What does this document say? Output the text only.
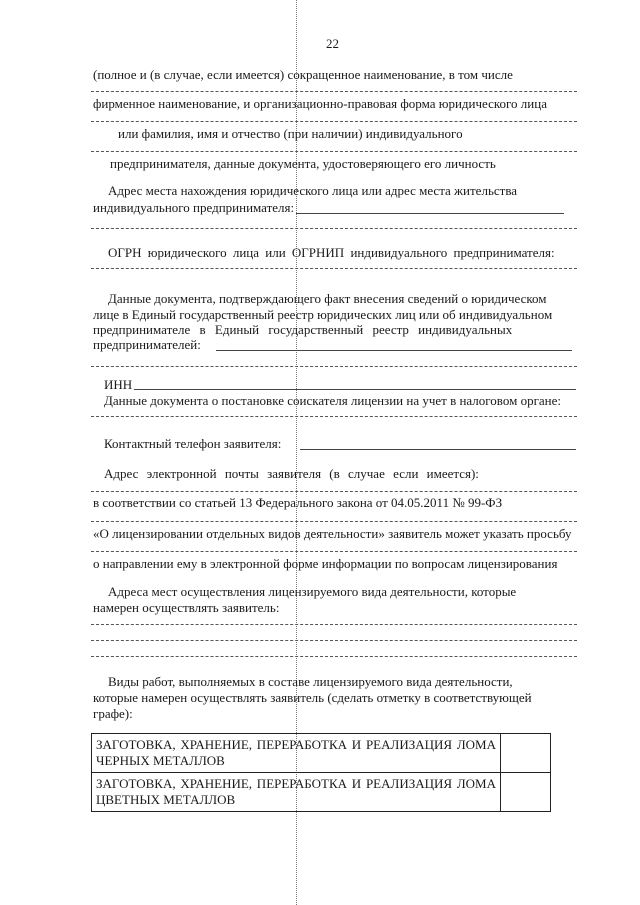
22
(полное и (в случае, если имеется) сокращенное наименование, в том числе
фирменное наименование, и организационно-правовая форма юридического лица
или фамилия, имя и отчество (при наличии) индивидуального
предпринимателя, данные документа, удостоверяющего его личность
Адрес места нахождения юридического лица или адрес места жительства
индивидуального предпринимателя:
ОГРН юридического лица или ОГРНИП индивидуального предпринимателя:
Данные документа, подтверждающего факт внесения сведений о юридическом
лице в Единый государственный реестр юридических лиц или об индивидуальном
предпринимателе в Единый государственный реестр индивидуальных
предпринимателей:
ИНН
Данные документа о постановке соискателя лицензии на учет в налоговом органе:
Контактный телефон заявителя:
Адрес электронной почты заявителя (в случае если имеется):
в соответствии со статьей 13 Федерального закона от 04.05.2011 № 99-ФЗ
«О лицензировании отдельных видов деятельности» заявитель может указать просьбу
о направлении ему в электронной форме информации по вопросам лицензирования
Адреса мест осуществления лицензируемого вида деятельности, которые
намерен осуществлять заявитель:
Виды работ, выполняемых в составе лицензируемого вида деятельности,
которые намерен осуществлять заявитель (сделать отметку в соответствующей
графе):
ЗАГОТОВКА, ХРАНЕНИЕ, ПЕРЕРАБОТКА И РЕАЛИЗАЦИЯ ЛОМА ЧЕРНЫХ МЕТАЛЛОВ
ЗАГОТОВКА, ХРАНЕНИЕ, ПЕРЕРАБОТКА И РЕАЛИЗАЦИЯ ЛОМА ЦВЕТНЫХ МЕТАЛЛОВ
